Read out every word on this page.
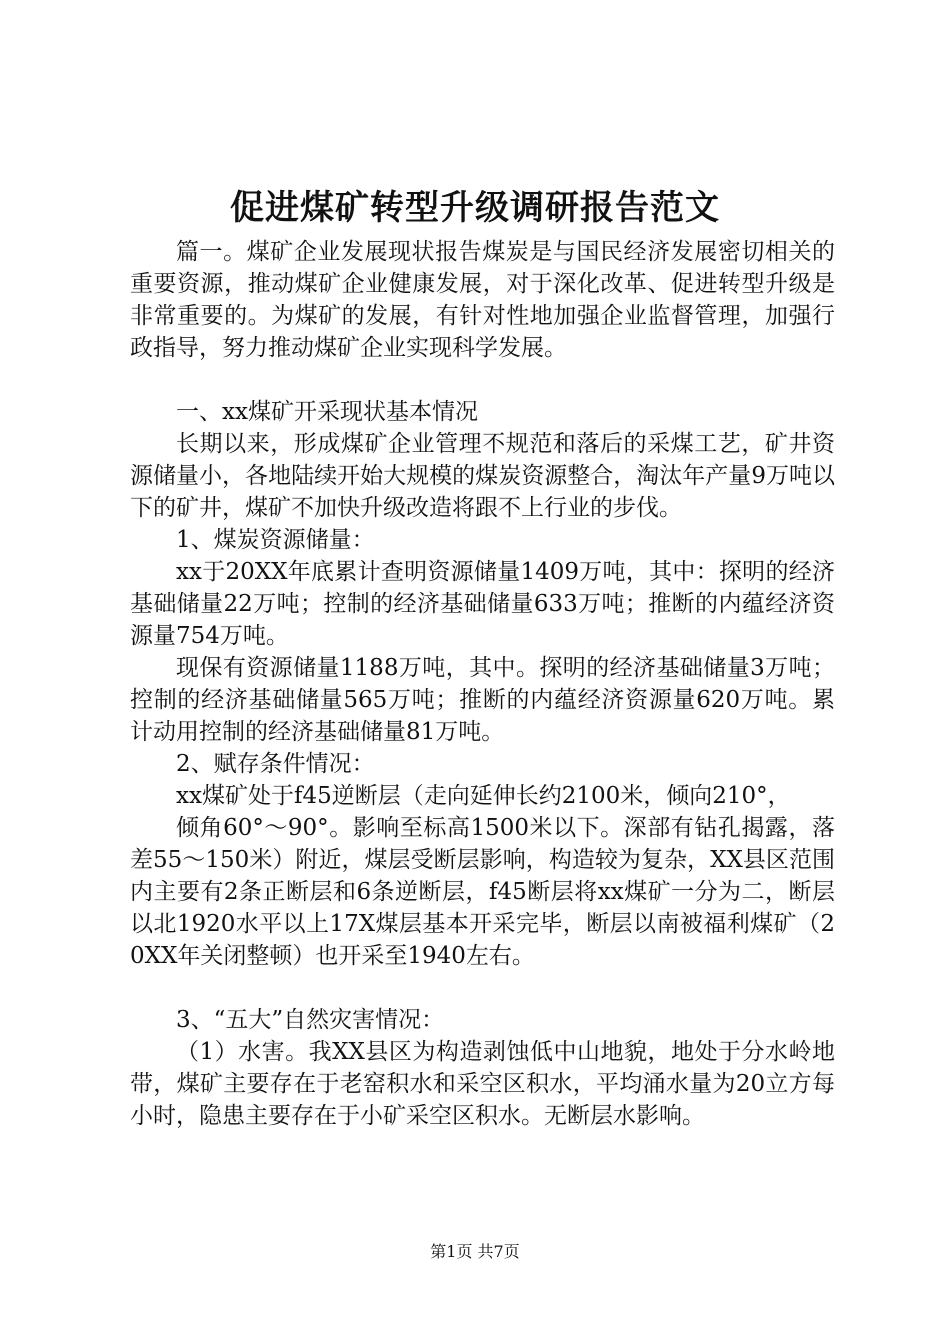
促进煤矿转型升级调研报告范文

篇一。煤矿企业发展现状报告煤炭是与国民经济发展密切相关的重要资源，推动煤矿企业健康发展，对于深化改革、促进转型升级是非常重要的。为煤矿的发展，有针对性地加强企业监督管理，加强行政指导，努力推动煤矿企业实现科学发展。

一、xx煤矿开采现状基本情况

长期以来，形成煤矿企业管理不规范和落后的采煤工艺，矿井资源储量小，各地陆续开始大规模的煤炭资源整合，淘汰年产量9万吨以下的矿井，煤矿不加快升级改造将跟不上行业的步伐。

1、煤炭资源储量：

xx于20XX年底累计查明资源储量1409万吨，其中：探明的经济基础储量22万吨；控制的经济基础储量633万吨；推断的内蕴经济资源量754万吨。

现保有资源储量1188万吨，其中。探明的经济基础储量3万吨；控制的经济基础储量565万吨；推断的内蕴经济资源量620万吨。累计动用控制的经济基础储量81万吨。

2、赋存条件情况：

xx煤矿处于f45逆断层（走向延伸长约2100米，倾向210°，

倾角60°～90°。影响至标高1500米以下。深部有钻孔揭露，落差55～150米）附近，煤层受断层影响，构造较为复杂，XX县区范围内主要有2条正断层和6条逆断层，f45断层将xx煤矿一分为二，断层以北1920水平以上17X煤层基本开采完毕，断层以南被福利煤矿（20XX年关闭整顿）也开采至1940左右。

3、“五大”自然灾害情况：

（1）水害。我XX县区为构造剥蚀低中山地貌，地处于分水岭地带，煤矿主要存在于老窑积水和采空区积水，平均涌水量为20立方每小时，隐患主要存在于小矿采空区积水。无断层水影响。

第1页 共7页
